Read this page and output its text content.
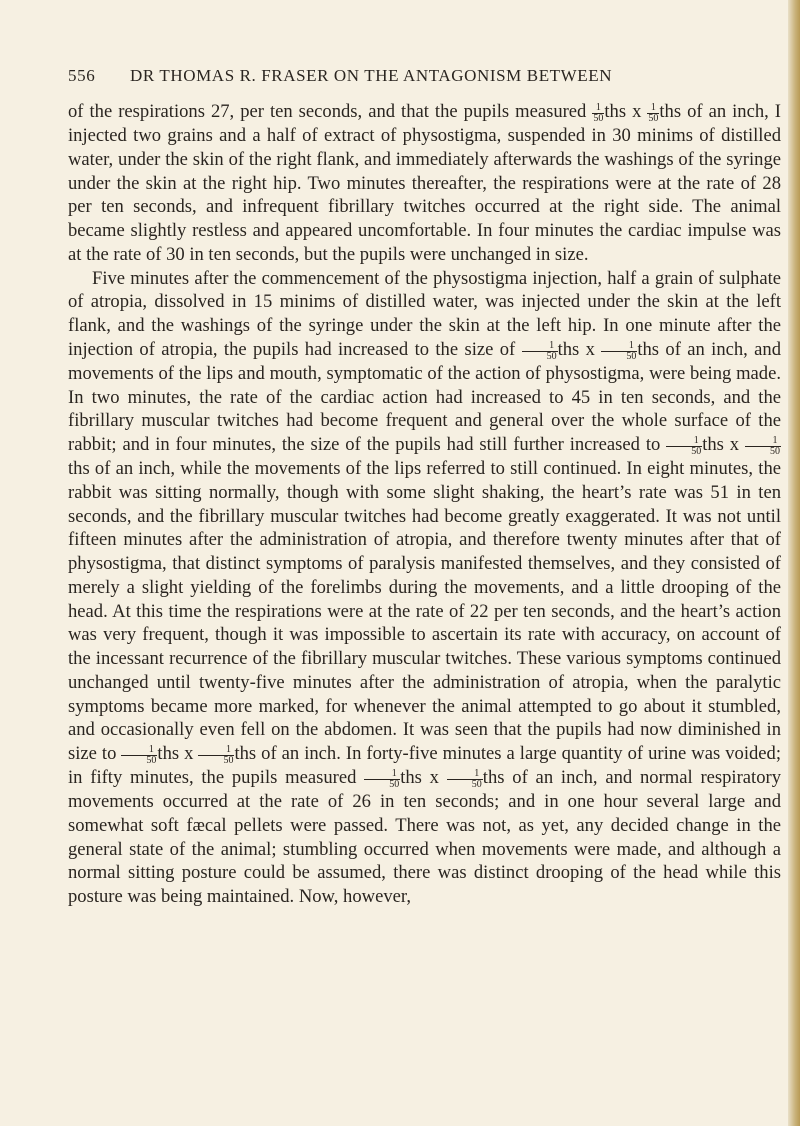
556 DR THOMAS R. FRASER ON THE ANTAGONISM BETWEEN

of the respirations 27, per ten seconds, and that the pupils measured $\frac{1}{50}$ ths x $\frac{1}{50}$ ths of an inch, I injected two grains and a half of extract of physostigma, suspended in 30 minims of distilled water, under the skin of the right flank, and immediately afterwards the washings of the syringe under the skin at the right hip. Two minutes thereafter, the respirations were at the rate of 28 per ten seconds, and infrequent fibrillary twitches occurred at the right side. The animal became slightly restless and appeared uncomfortable. In four minutes the cardiac impulse was at the rate of 30 in ten seconds, but the pupils were unchanged in size.

Five minutes after the commencement of the physostigma injection, half a grain of sulphate of atropia, dissolved in 15 minims of distilled water, was injected under the skin at the left flank, and the washings of the syringe under the skin at the left hip. In one minute after the injection of atropia, the pupils had increased to the size of $\frac{1}{50}$ ths x $\frac{1}{50}$ ths of an inch, and movements of the lips and mouth, symptomatic of the action of physostigma, were being made. In two minutes, the rate of the cardiac action had increased to 45 in ten seconds, and the fibrillary muscular twitches had become frequent and general over the whole surface of the rabbit; and in four minutes, the size of the pupils had still further increased to $\frac{1}{50}$ ths x $\frac{1}{50}$
ths of an inch, while the movements of the lips referred to still continued. In eight minutes, the rabbit was sitting normally, though with some slight shaking, the heart’s rate was 51 in ten seconds, and the fibrillary muscular twitches had become greatly exaggerated. It was not until fifteen minutes after the administration of atropia, and therefore twenty minutes after that of physostigma, that distinct symptoms of paralysis manifested themselves, and they consisted of merely a slight yielding of the forelimbs during the movements, and a little drooping of the head. At this time the respirations were at the rate of 22 per ten seconds, and the heart’s action was very frequent, though it was impossible to ascertain its rate with accuracy, on account of the incessant recurrence of the fibrillary muscular twitches. These various symptoms continued unchanged until twenty-five minutes after the administration of atropia, when the paralytic symptoms became more marked, for whenever the animal attempted to go about it stumbled, and occasionally even fell on the abdomen. It was seen that the pupils had now diminished in size to $\frac{1}{50}$ ths x $\frac{1}{50}$ ths of an inch. In forty-five minutes a large quantity of urine was voided; in fifty minutes, the pupils measured $\frac{1}{50}$ ths x $\frac{1}{50}$ ths of an inch, and normal respiratory movements occurred at the rate of 26 in ten seconds; and in one hour several large and somewhat soft fæcal pellets were passed. There was not, as yet, any decided change in the general state of the animal; stumbling occurred when movements were made, and although a normal sitting posture could be assumed, there was distinct drooping of the head while this posture was being maintained. Now, however,
